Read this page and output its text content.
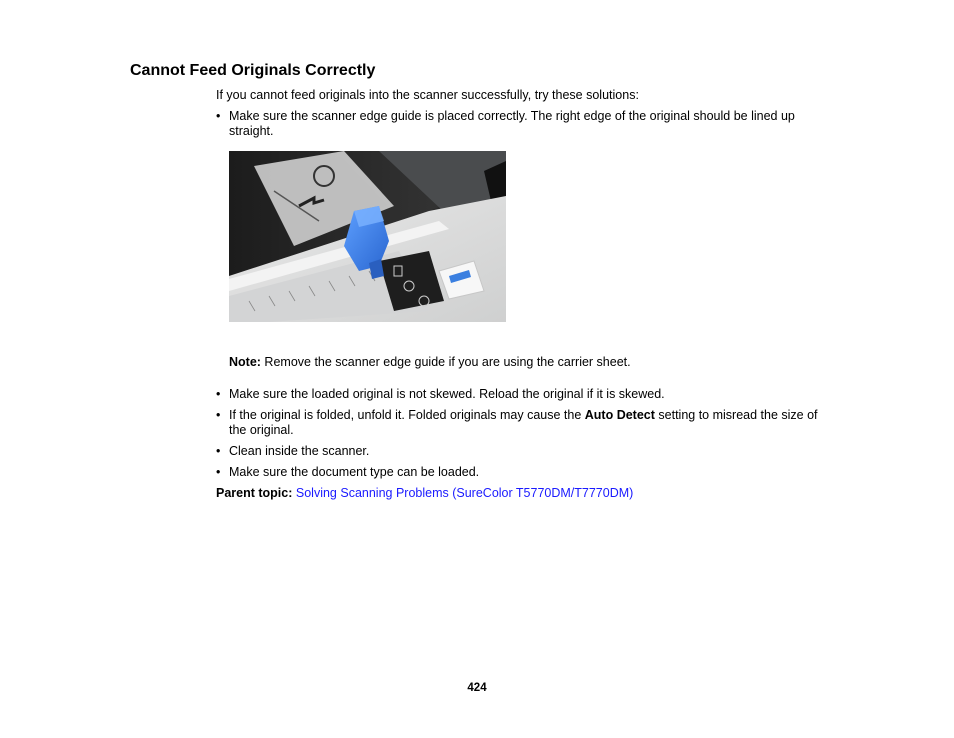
Cannot Feed Originals Correctly

If you cannot feed originals into the scanner successfully, try these solutions:

• Make sure the scanner edge guide is placed correctly. The right edge of the original should be lined up straight.
Note: Remove the scanner edge guide if you are using the carrier sheet.
• Make sure the loaded original is not skewed. Reload the original if it is skewed.
• If the original is folded, unfold it. Folded originals may cause the Auto Detect setting to misread the size of the original.
• Clean inside the scanner.
• Make sure the document type can be loaded.
Parent topic: Solving Scanning Problems (SureColor T5770DM/T7770DM)
424
